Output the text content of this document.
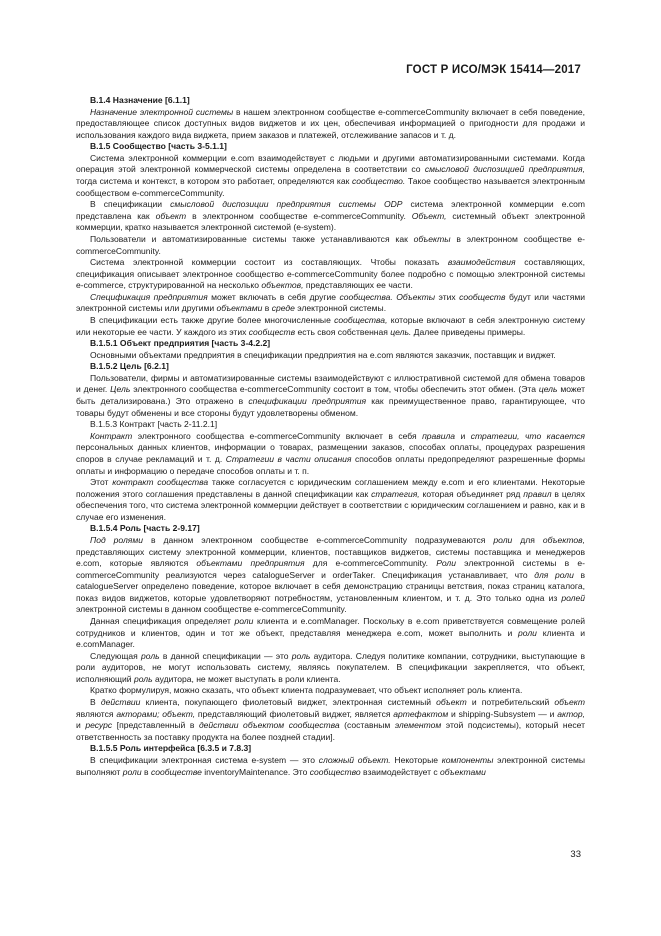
ГОСТ Р ИСО/МЭК 15414—2017

B.1.4 Назначение [6.1.1]

Назначение электронной системы в нашем электронном сообществе e-commerceCommunity включает в себя поведение, предоставляющее список доступных видов виджетов и их цен, обеспечивая информацией о пригодности для продажи и использования каждого вида виджета, прием заказов и платежей, отслеживание запасов и т. д.

B.1.5 Сообщество [часть 3-5.1.1]

Система электронной коммерции e.com взаимодействует с людьми и другими автоматизированными системами. Когда операция этой электронной коммерческой системы определена в соответствии со смысловой диспозицией предприятия, тогда система и контекст, в котором это работает, определяются как сообщество. Такое сообщество называется электронным сообществом e-commerceCommunity.

В спецификации смысловой диспозиции предприятия системы ODP система электронной коммерции e.com представлена как объект в электронном сообществе e-commerceCommunity. Объект, системный объект электронной коммерции, кратко называется электронной системой (e-system).

Пользователи и автоматизированные системы также устанавливаются как объекты в электронном сообществе e-commerceCommunity.

Система электронной коммерции состоит из составляющих. Чтобы показать взаимодействия составляющих, спецификация описывает электронное сообщество e-commerceCommunity более подробно с помощью электронной системы e-commerce, структурированной на несколько объектов, представляющих ее части.

Спецификация предприятия может включать в себя другие сообщества. Объекты этих сообществ будут или частями электронной системы или другими объектами в среде электронной системы.

В спецификации есть также другие более многочисленные сообщества, которые включают в себя электронную систему или некоторые ее части. У каждого из этих сообществ есть своя собственная цель. Далее приведены примеры.

B.1.5.1 Объект предприятия [часть 3-4.2.2]

Основными объектами предприятия в спецификации предприятия на e.com являются заказчик, поставщик и виджет.

B.1.5.2 Цель [6.2.1]

Пользователи, фирмы и автоматизированные системы взаимодействуют с иллюстративной системой для обмена товаров и денег. Цель электронного сообщества e-commerceCommunity состоит в том, чтобы обеспечить этот обмен. (Эта цель может быть детализирована.) Это отражено в спецификации предприятия как преимущественное право, гарантирующее, что товары будут обменены и все стороны будут удовлетворены обменом.

B.1.5.3 Контракт [часть 2-11.2.1]

Контракт электронного сообщества e-commerceCommunity включает в себя правила и стратегии, что касается персональных данных клиентов, информации о товарах, размещении заказов, способах оплаты, процедурах разрешения споров в случае рекламаций и т. д. Стратегии в части описания способов оплаты предопределяют разрешенные формы оплаты и информацию о передаче способов оплаты и т. п.

Этот контракт сообщества также согласуется с юридическим соглашением между e.com и его клиентами. Некоторые положения этого соглашения представлены в данной спецификации как стратегия, которая объединяет ряд правил в целях обеспечения того, что система электронной коммерции действует в соответствии с юридическим соглашением и равно, как и в случае его изменения.

B.1.5.4 Роль [часть 2-9.17]

Под ролями в данном электронном сообществе e-commerceCommunity подразумеваются роли для объектов, представляющих систему электронной коммерции, клиентов, поставщиков виджетов, системы поставщика и менеджеров e.com, которые являются объектами предприятия для e-commerceCommunity. Роли электронной системы в e-commerceCommunity реализуются через catalogueServer и orderTaker. Спецификация устанавливает, что для роли в catalogueServer определено поведение, которое включает в себя демонстрацию страницы ветствия, показ страниц каталога, показ видов виджетов, которые удовлетворяют потребностям, установленным клиентом, и т. д. Это только одна из ролей электронной системы в данном сообществе e-commerceCommunity.

Данная спецификация определяет роли клиента и e.comManager. Поскольку в e.com приветствуется совмещение ролей сотрудников и клиентов, один и тот же объект, представляя менеджера e.com, может выполнить и роли клиента и e.comManager.

Следующая роль в данной спецификации — это роль аудитора. Следуя политике компании, сотрудники, выступающие в роли аудиторов, не могут использовать систему, являясь покупателем. В спецификации закрепляется, что объект, исполняющий роль аудитора, не может выступать в роли клиента.

Кратко формулируя, можно сказать, что объект клиента подразумевает, что объект исполняет роль клиента.

В действии клиента, покупающего фиолетовый виджет, электронная системный объект и потребительский объект являются акторами; объект, представляющий фиолетовый виджет, является артефактом и shipping-Subsystem — и актор, и ресурс [представленный в действии объектом сообщества (составным элементом этой подсистемы), который несет ответственность за поставку продукта на более поздней стадии].

B.1.5.5 Роль интерфейса [6.3.5 и 7.8.3]

В спецификации электронная система e-system — это сложный объект. Некоторые компоненты электронной системы выполняют роли в сообществе inventoryMaintenance. Это сообщество взаимодействует с объектами

33
